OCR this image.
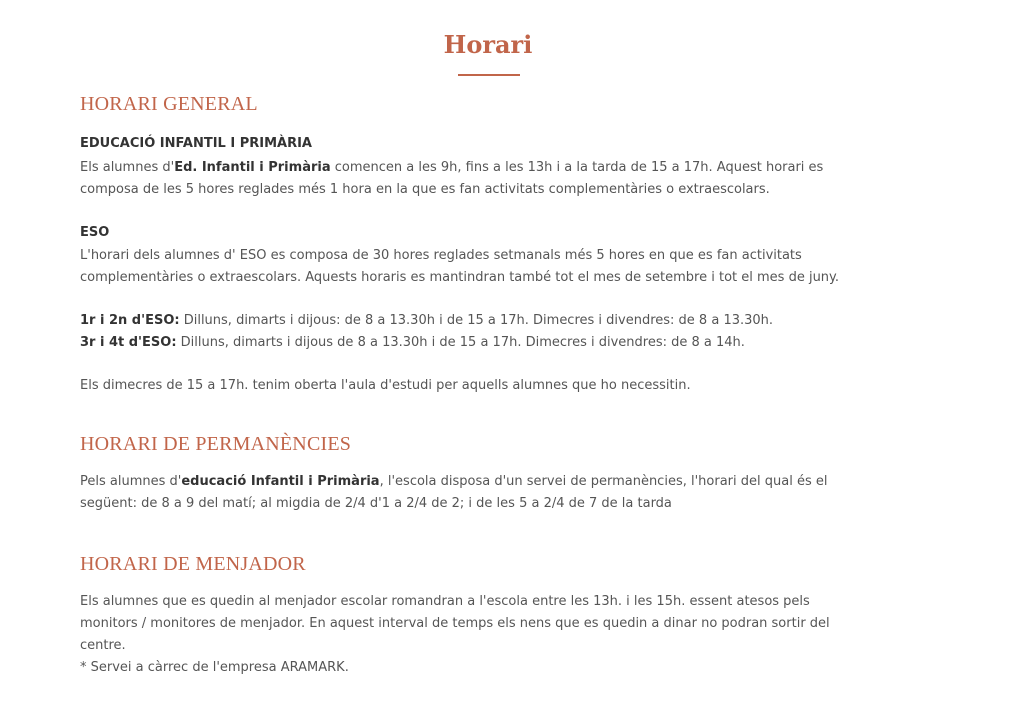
Horari
HORARI GENERAL

EDUCACIÓ INFANTIL I PRIMÀRIA

Els alumnes d'Ed. Infantil i Primària comencen a les 9h, fins a les 13h i a la tarda de 15 a 17h. Aquest horari es
composa de les 5 hores reglades més 1 hora en la que es fan activitats complementàries o extraescolars.

ESO

L'horari dels alumnes d' ESO es composa de 30 hores reglades setmanals més 5 hores en que es fan activitats
complementàries o extraescolars. Aquests horaris es mantindran també tot el mes de setembre i tot el mes de juny.

1r i 2n d'ESO: Dilluns, dimarts i dijous: de 8 a 13.30h i de 15 a 17h. Dimecres i divendres: de 8 a 13.30h.
3r i 4t d'ESO: Dilluns, dimarts i dijous de 8 a 13.30h i de 15 a 17h. Dimecres i divendres: de 8 a 14h.

Els dimecres de 15 a 17h. tenim oberta l'aula d'estudi per aquells alumnes que ho necessitin.

HORARI DE PERMANÈNCIES

Pels alumnes d'educació Infantil i Primària, l'escola disposa d'un servei de permanències, l'horari del qual és el
següent: de 8 a 9 del matí; al migdia de 2/4 d'1 a 2/4 de 2; i de les 5 a 2/4 de 7 de la tarda

HORARI DE MENJADOR

Els alumnes que es quedin al menjador escolar romandran a l'escola entre les 13h. i les 15h. essent atesos pels
monitors / monitores de menjador. En aquest interval de temps els nens que es quedin a dinar no podran sortir del
centre.
* Servei a càrrec de l'empresa ARAMARK.
